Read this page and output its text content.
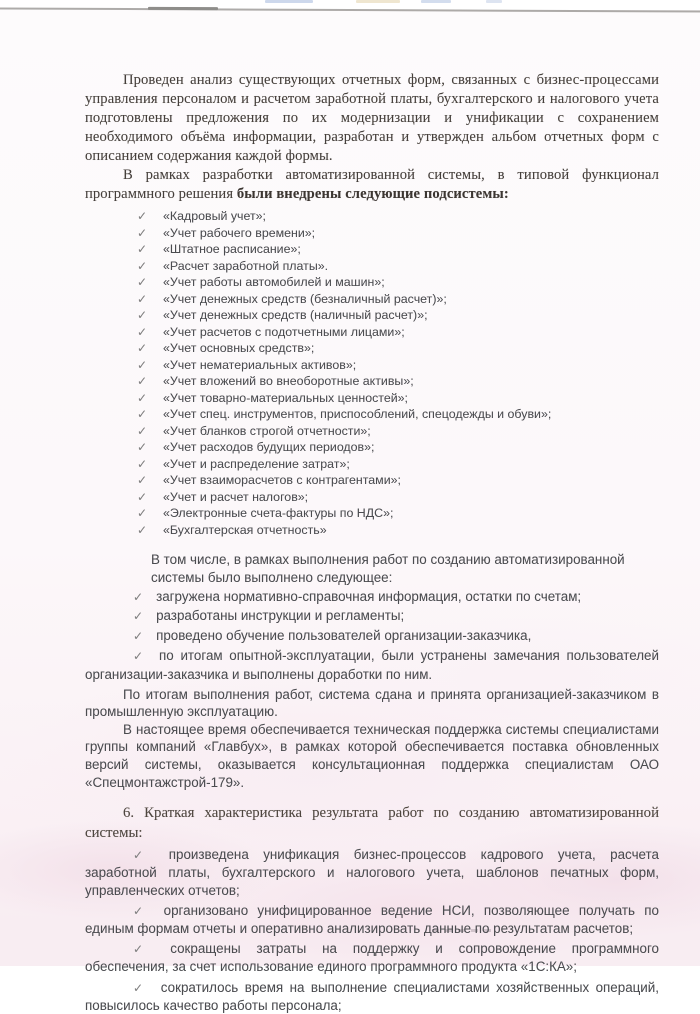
Проведен анализ существующих отчетных форм, связанных с бизнес-процессами управления персоналом и расчетом заработной платы, бухгалтерского и налогового учета подготовлены предложения по их модернизации и унификации с сохранением необходимого объёма информации, разработан и утвержден альбом отчетных форм с описанием содержания каждой формы.

В рамках разработки автоматизированной системы, в типовой функционал программного решения были внедрены следующие подсистемы:

✓ «Кадровый учет»;
✓ «Учет рабочего времени»;
✓ «Штатное расписание»;
✓ «Расчет заработной платы».
✓ «Учет работы автомобилей и машин»;
✓ «Учет денежных средств (безналичный расчет)»;
✓ «Учет денежных средств (наличный расчет)»;
✓ «Учет расчетов с подотчетными лицами»;
✓ «Учет основных средств»;
✓ «Учет нематериальных активов»;
✓ «Учет вложений во внеоборотные активы»;
✓ «Учет товарно-материальных ценностей»;
✓ «Учет спец. инструментов, приспособлений, спецодежды и обуви»;
✓ «Учет бланков строгой отчетности»;
✓ «Учет расходов будущих периодов»;
✓ «Учет и распределение затрат»;
✓ «Учет взаиморасчетов с контрагентами»;
✓ «Учет и расчет налогов»;
✓ «Электронные счета-фактуры по НДС»;
✓ «Бухгалтерская отчетность»

В том числе, в рамках выполнения работ по созданию автоматизированной системы было выполнено следующее:

✓ загружена нормативно-справочная информация, остатки по счетам;

✓ разработаны инструкции и регламенты;

✓ проведено обучение пользователей организации-заказчика,

✓ по итогам опытной-эксплуатации, были устранены замечания пользователей организации-заказчика и выполнены доработки по ним.

По итогам выполнения работ, система сдана и принята организацией-заказчиком в промышленную эксплуатацию.

В настоящее время обеспечивается техническая поддержка системы специалистами группы компаний «Главбух», в рамках которой обеспечивается поставка обновленных версий системы, оказывается консультационная поддержка специалистам ОАО «Спецмонтажстрой-179».

6. Краткая характеристика результата работ по созданию автоматизированной системы:

✓ произведена унификация бизнес-процессов кадрового учета, расчета заработной платы, бухгалтерского и налогового учета, шаблонов печатных форм, управленческих отчетов;

✓ организовано унифицированное ведение НСИ, позволяющее получать по единым формам отчеты и оперативно анализировать данные по результатам расчетов;

✓ сокращены затраты на поддержку и сопровождение программного обеспечения, за счет использование единого программного продукта «1С:КА»;

✓ сократилось время на выполнение специалистами хозяйственных операций, повысилось качество работы персонала;
